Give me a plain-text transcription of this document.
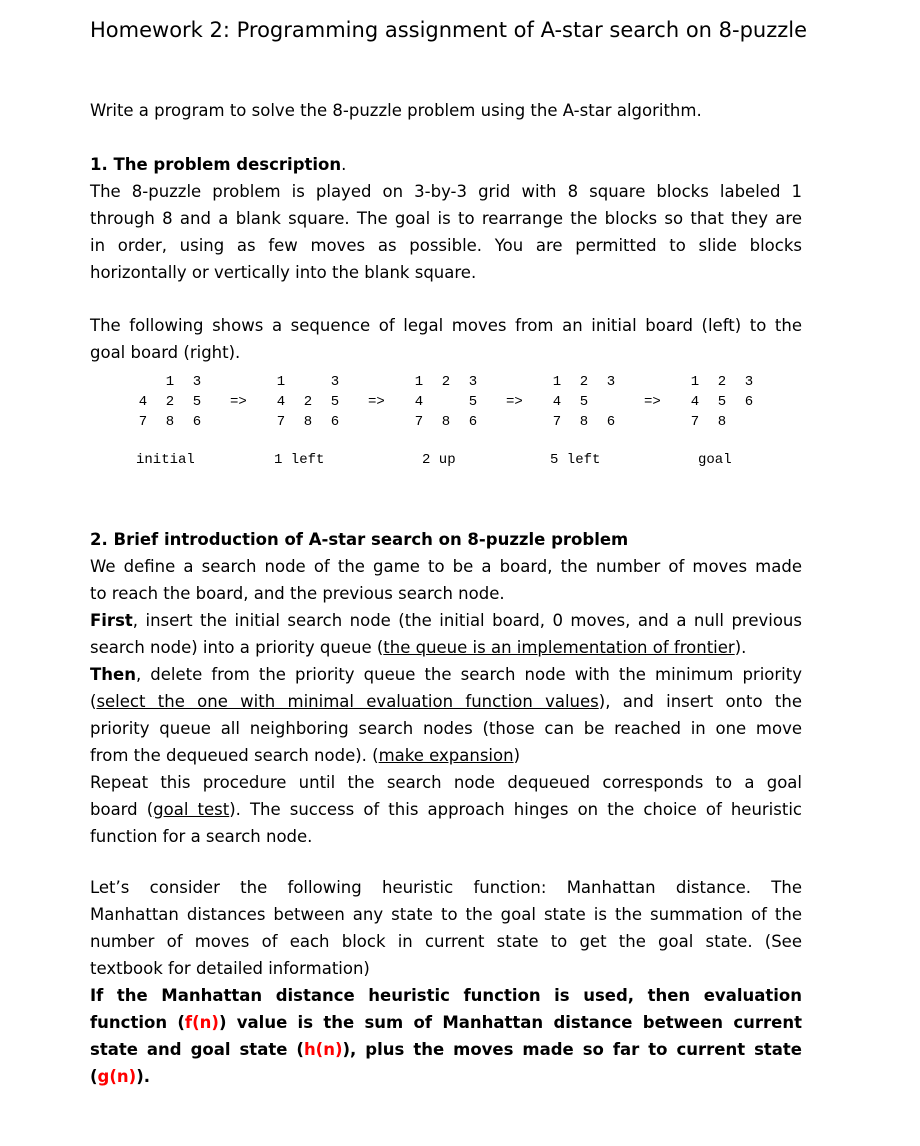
Homework 2: Programming assignment of A-star search on 8-puzzle
Write a program to solve the 8-puzzle problem using the A-star algorithm.
1. The problem description.
The 8-puzzle problem is played on 3-by-3 grid with 8 square blocks labeled 1
through 8 and a blank square. The goal is to rearrange the blocks so that they are
in order, using as few moves as possible. You are permitted to slide blocks
horizontally or vertically into the blank square.
The following shows a sequence of legal moves from an initial board (left) to the
goal board (right).
2. Brief introduction of A-star search on 8-puzzle problem
We define a search node of the game to be a board, the number of moves made
to reach the board, and the previous search node.
First, insert the initial search node (the initial board, 0 moves, and a null previous
search node) into a priority queue (the queue is an implementation of frontier).
Then, delete from the priority queue the search node with the minimum priority
(select the one with minimal evaluation function values), and insert onto the
priority queue all neighboring search nodes (those can be reached in one move
from the dequeued search node). (make expansion)
Repeat this procedure until the search node dequeued corresponds to a goal
board (goal test). The success of this approach hinges on the choice of heuristic
function for a search node.
Let’s consider the following heuristic function: Manhattan distance. The
Manhattan distances between any state to the goal state is the summation of the
number of moves of each block in current state to get the goal state. (See
textbook for detailed information)
If the Manhattan distance heuristic function is used, then evaluation
function (f(n)) value is the sum of Manhattan distance between current
state and goal state (h(n)), plus the moves made so far to current state
(g(n)).
1 3
4 2 5
7 8 6
initial
=>
1	3
4 2 5
7 8 6
1 left
=>
1 2 3
4	5
7 8 6
2 up
=>
1 2 3
4 5
7 8 6
5 left
=>
1 2 3
4 5 6
7 8
goal
